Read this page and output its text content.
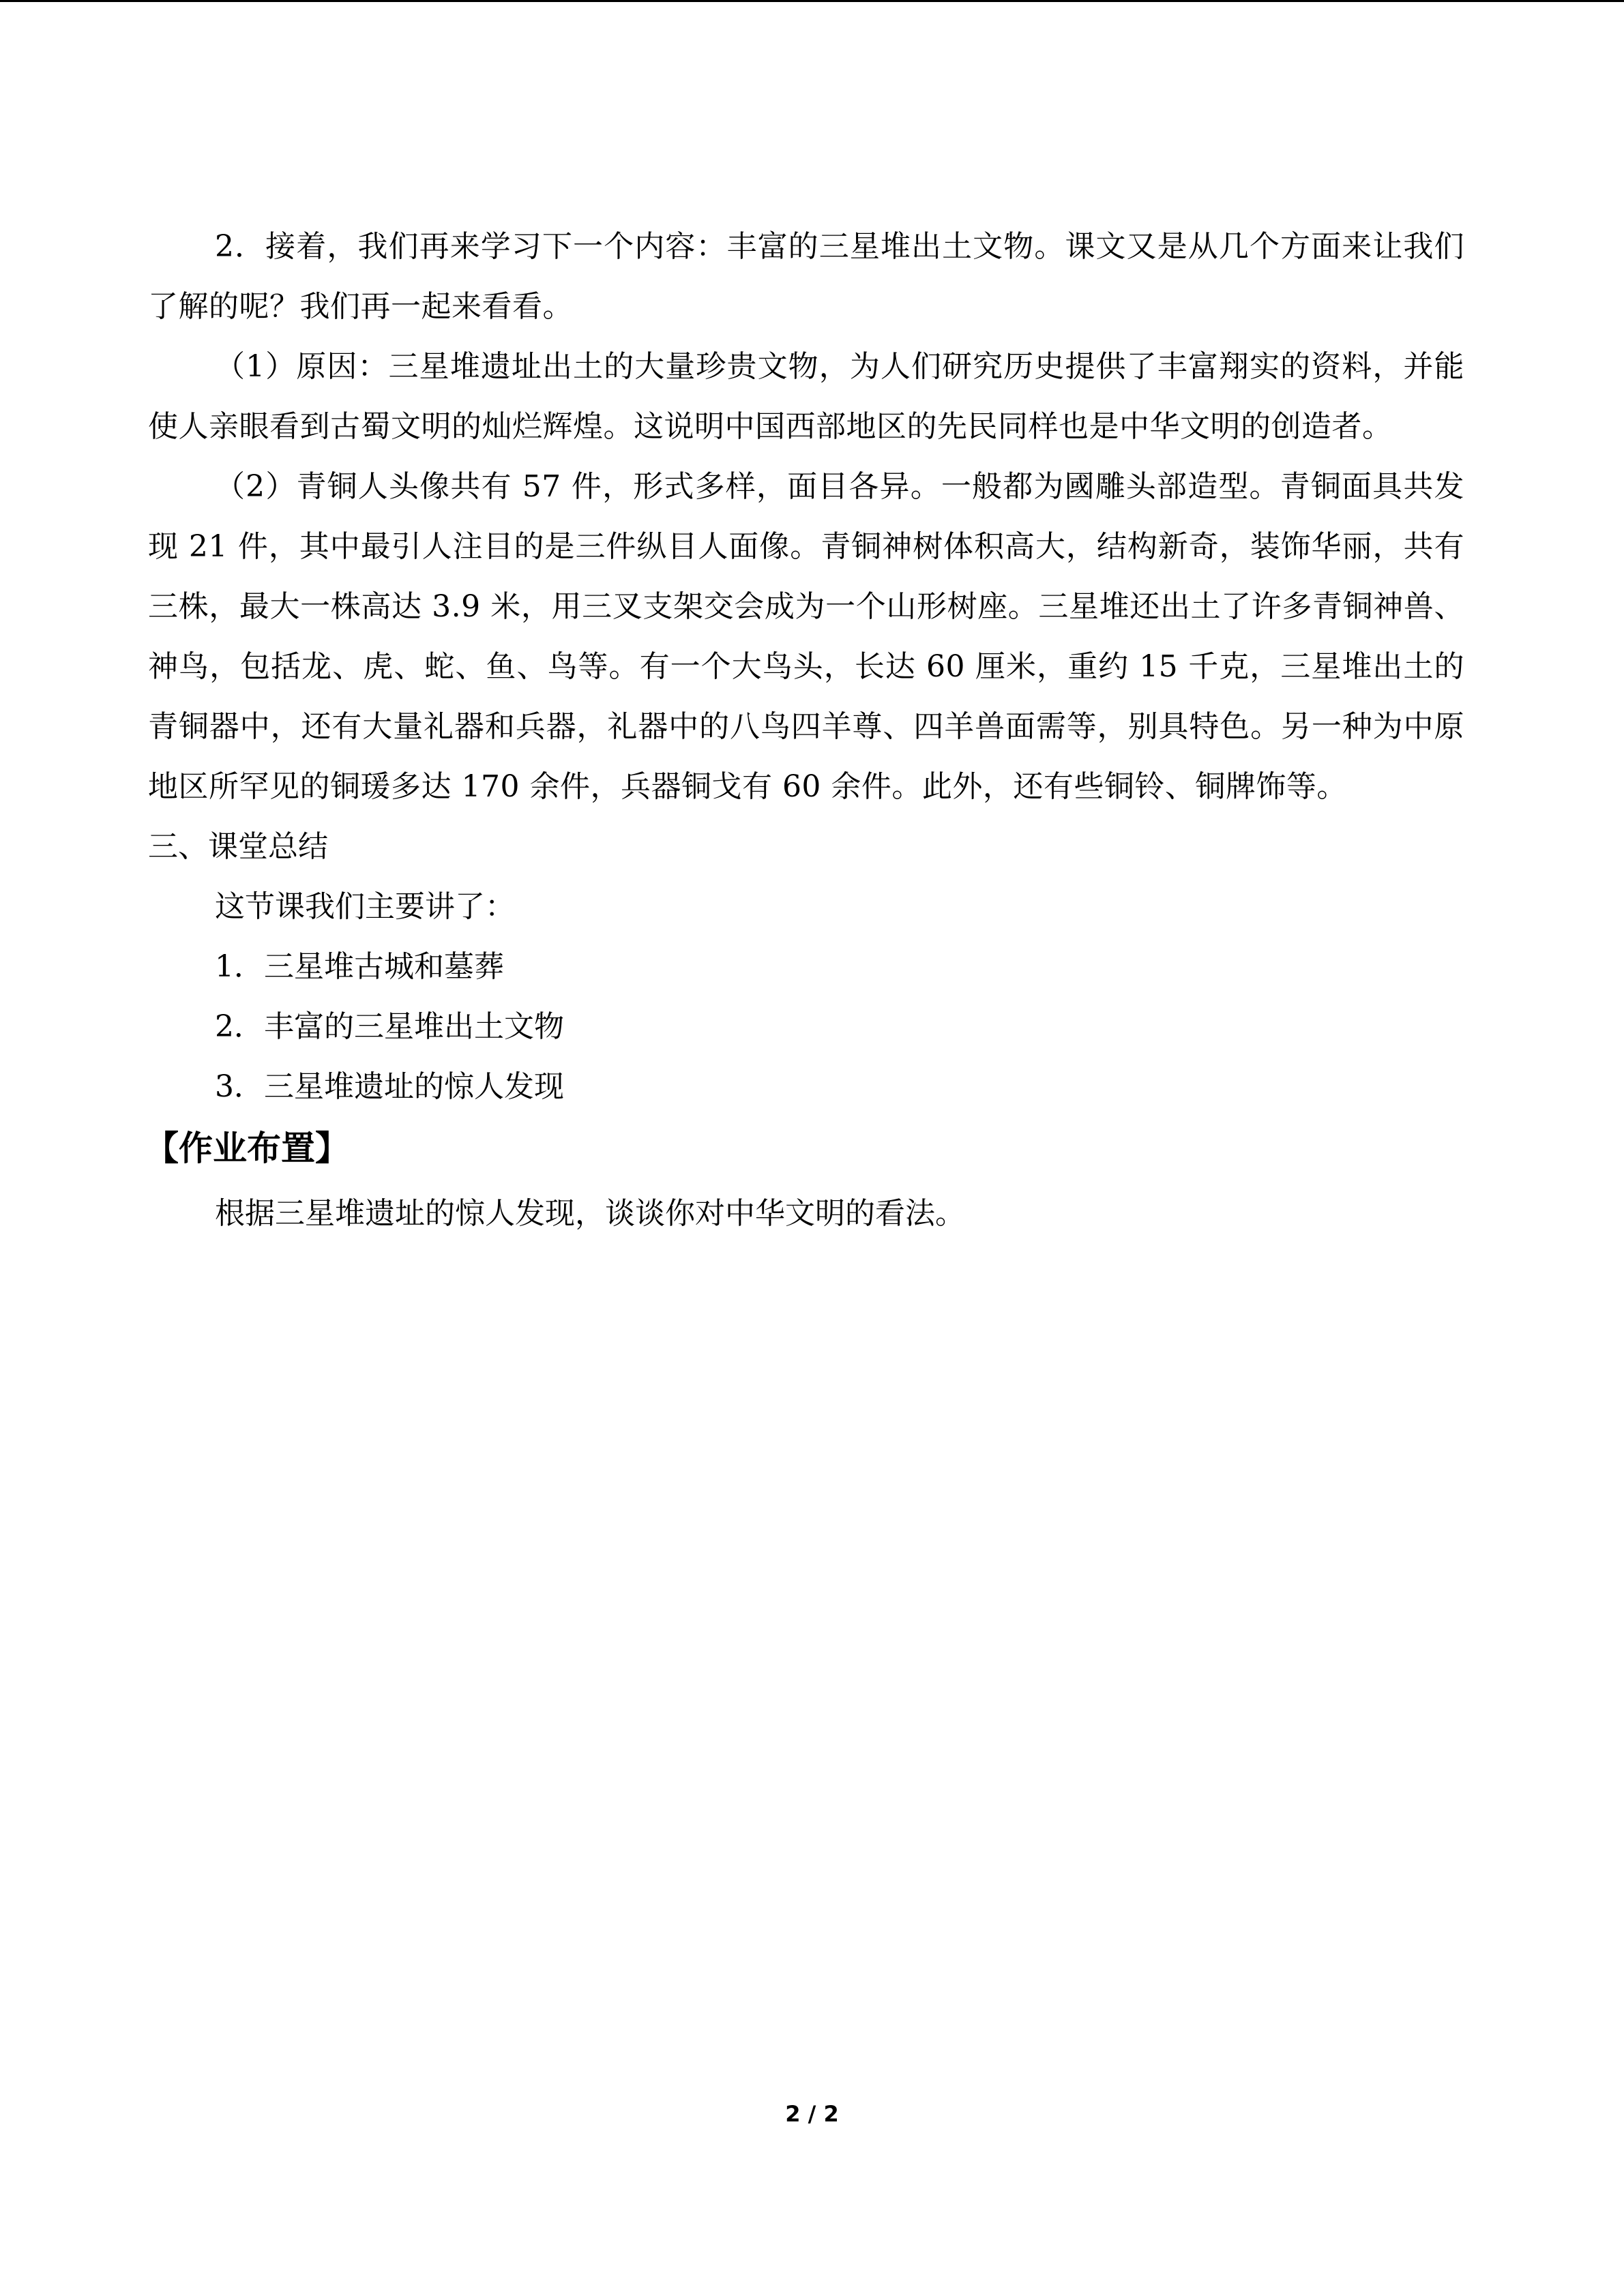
2．接着，我们再来学习下一个内容：丰富的三星堆出土文物。课文又是从几个方面来让我们了解的呢？我们再一起来看看。

（1）原因：三星堆遗址出土的大量珍贵文物，为人们研究历史提供了丰富翔实的资料，并能使人亲眼看到古蜀文明的灿烂辉煌。这说明中国西部地区的先民同样也是中华文明的创造者。

（2）青铜人头像共有 57 件，形式多样，面目各异。一般都为國雕头部造型。青铜面具共发现 21 件，其中最引人注目的是三件纵目人面像。青铜神树体积高大，结构新奇，装饰华丽，共有三株，最大一株高达 3.9 米，用三叉支架交会成为一个山形树座。三星堆还出土了许多青铜神兽、神鸟，包括龙、虎、蛇、鱼、鸟等。有一个大鸟头，长达 60 厘米，重约 15 千克，三星堆出土的青铜器中，还有大量礼器和兵器，礼器中的八鸟四羊尊、四羊兽面需等，别具特色。另一种为中原地区所罕见的铜瑗多达 170 余件，兵器铜戈有 60 余件。此外，还有些铜铃、铜牌饰等。

三、课堂总结

这节课我们主要讲了：

1．三星堆古城和墓葬

2．丰富的三星堆出土文物

3．三星堆遗址的惊人发现

【作业布置】

根据三星堆遗址的惊人发现，谈谈你对中华文明的看法。

2 / 2
